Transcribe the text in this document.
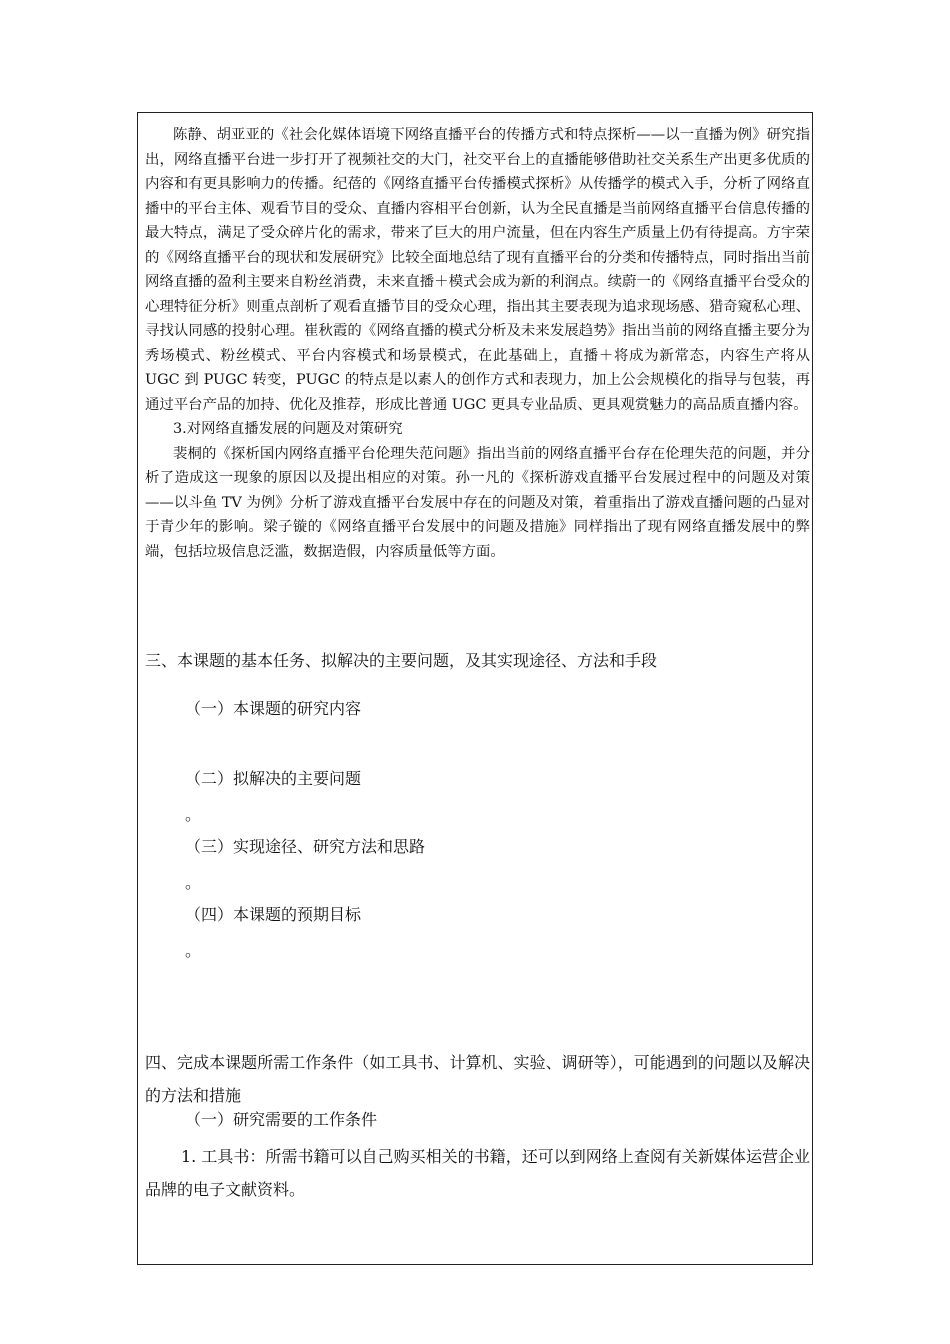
陈静、胡亚亚的《社会化媒体语境下网络直播平台的传播方式和特点探析——以一直播为例》研究指出，网络直播平台进一步打开了视频社交的大门，社交平台上的直播能够借助社交关系生产出更多优质的内容和有更具影响力的传播。纪蓓的《网络直播平台传播模式探析》从传播学的模式入手，分析了网络直播中的平台主体、观看节目的受众、直播内容相平台创新，认为全民直播是当前网络直播平台信息传播的最大特点，满足了受众碎片化的需求，带来了巨大的用户流量，但在内容生产质量上仍有待提高。方宇荣的《网络直播平台的现状和发展研究》比较全面地总结了现有直播平台的分类和传播特点，同时指出当前网络直播的盈利主要来自粉丝消费，未来直播＋模式会成为新的利润点。续蔚一的《网络直播平台受众的心理特征分析》则重点剖析了观看直播节目的受众心理，指出其主要表现为追求现场感、猎奇窥私心理、寻找认同感的投射心理。崔秋霞的《网络直播的模式分析及未来发展趋势》指出当前的网络直播主要分为秀场模式、粉丝模式、平台内容模式和场景模式，在此基础上，直播＋将成为新常态，内容生产将从 UGC 到 PUGC 转变，PUGC 的特点是以素人的创作方式和表现力，加上公会规模化的指导与包装，再通过平台产品的加持、优化及推荐，形成比普通 UGC 更具专业品质、更具观赏魅力的高品质直播内容。

3.对网络直播发展的问题及对策研究

裴桐的《探析国内网络直播平台伦理失范问题》指出当前的网络直播平台存在伦理失范的问题，并分析了造成这一现象的原因以及提出相应的对策。孙一凡的《探析游戏直播平台发展过程中的问题及对策——以斗鱼 TV 为例》分析了游戏直播平台发展中存在的问题及对策，着重指出了游戏直播问题的凸显对于青少年的影响。梁子镟的《网络直播平台发展中的问题及措施》同样指出了现有网络直播发展中的弊端，包括垃圾信息泛滥，数据造假，内容质量低等方面。

三、本课题的基本任务、拟解决的主要问题，及其实现途径、方法和手段

（一）本课题的研究内容

（二）拟解决的主要问题

。

（三）实现途径、研究方法和思路

。

（四）本课题的预期目标

。

四、完成本课题所需工作条件（如工具书、计算机、实验、调研等），可能遇到的问题以及解决的方法和措施

（一）研究需要的工作条件

1. 工具书：所需书籍可以自己购买相关的书籍，还可以到网络上查阅有关新媒体运营企业品牌的电子文献资料。
